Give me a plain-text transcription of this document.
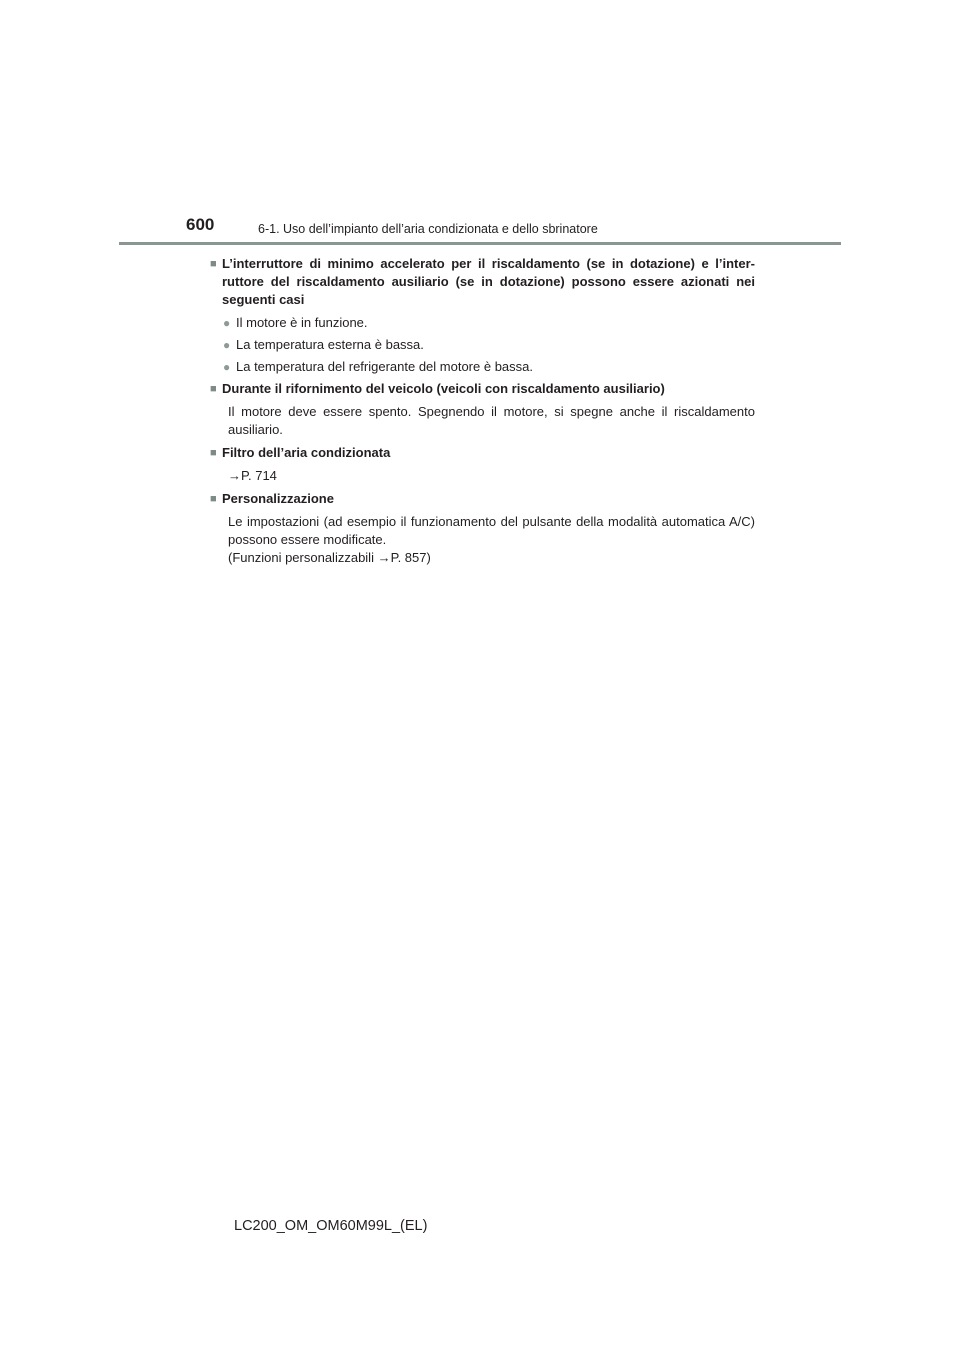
600	6-1. Uso dell’impianto dell’aria condizionata e dello sbrinatore
■ L’interruttore di minimo accelerato per il riscaldamento (se in dotazione) e l’inter-ruttore del riscaldamento ausiliario (se in dotazione) possono essere azionati nei seguenti casi
● Il motore è in funzione.
● La temperatura esterna è bassa.
● La temperatura del refrigerante del motore è bassa.
■ Durante il rifornimento del veicolo (veicoli con riscaldamento ausiliario)
Il motore deve essere spento. Spegnendo il motore, si spegne anche il riscaldamento ausiliario.
■ Filtro dell’aria condizionata
→P. 714
■ Personalizzazione
Le impostazioni (ad esempio il funzionamento del pulsante della modalità automatica A/C) possono essere modificate.
(Funzioni personalizzabili →P. 857)
LC200_OM_OM60M99L_(EL)
